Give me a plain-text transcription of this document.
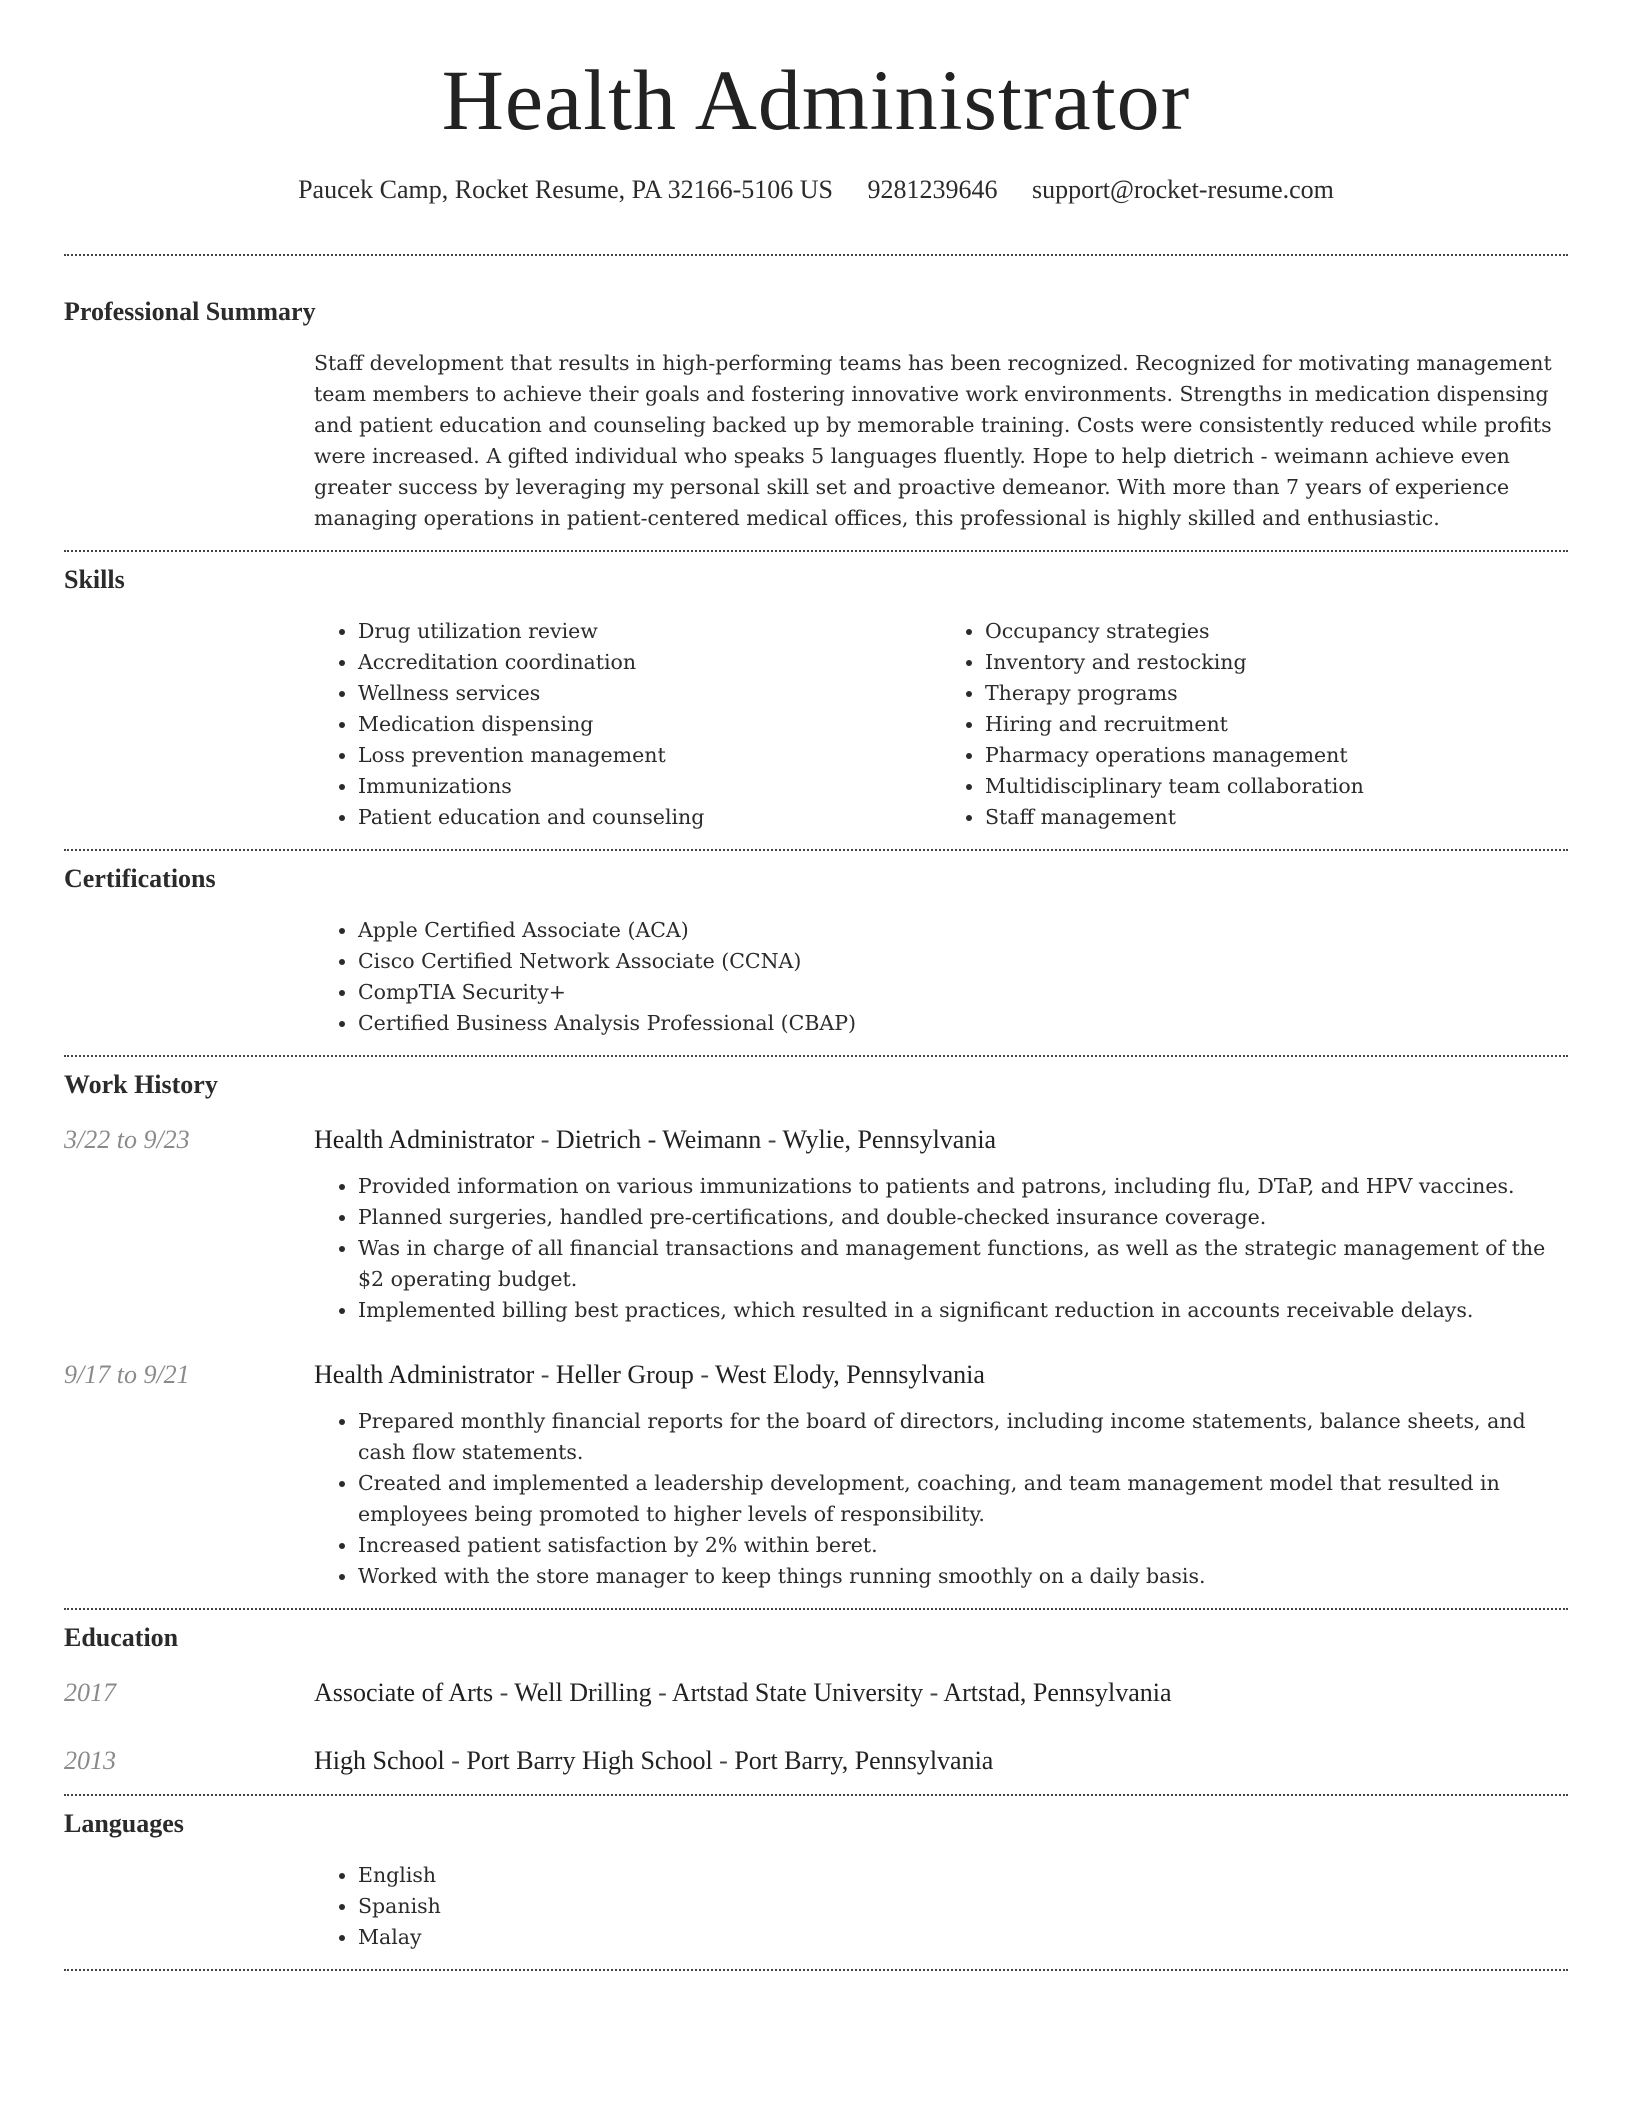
Health Administrator
Paucek Camp, Rocket Resume, PA 32166-5106 US 9281239646 support@rocket-resume.com
Professional Summary

Staff development that results in high-performing teams has been recognized. Recognized for motivating management team members to achieve their goals and fostering innovative work environments. Strengths in medication dispensing and patient education and counseling backed up by memorable training. Costs were consistently reduced while profits were increased. A gifted individual who speaks 5 languages fluently. Hope to help dietrich - weimann achieve even greater success by leveraging my personal skill set and proactive demeanor. With more than 7 years of experience managing operations in patient-centered medical offices, this professional is highly skilled and enthusiastic.

Skills
• Drug utilization review
• Accreditation coordination
• Wellness services
• Medication dispensing
• Loss prevention management
• Immunizations
• Patient education and counseling
• Occupancy strategies
• Inventory and restocking
• Therapy programs
• Hiring and recruitment
• Pharmacy operations management
• Multidisciplinary team collaboration
• Staff management
Certifications
• Apple Certified Associate (ACA)
• Cisco Certified Network Associate (CCNA)
• CompTIA Security+
• Certified Business Analysis Professional (CBAP)
Work History
3/22 to 9/23	Health Administrator - Dietrich - Weimann - Wylie, Pennsylvania
• Provided information on various immunizations to patients and patrons, including flu, DTaP, and HPV vaccines.
• Planned surgeries, handled pre-certifications, and double-checked insurance coverage.
• Was in charge of all financial transactions and management functions, as well as the strategic management of the $2 operating budget.
• Implemented billing best practices, which resulted in a significant reduction in accounts receivable delays.
9/17 to 9/21	Health Administrator - Heller Group - West Elody, Pennsylvania
• Prepared monthly financial reports for the board of directors, including income statements, balance sheets, and cash flow statements.
• Created and implemented a leadership development, coaching, and team management model that resulted in employees being promoted to higher levels of responsibility.
• Increased patient satisfaction by 2% within beret.
• Worked with the store manager to keep things running smoothly on a daily basis.
Education
2017	Associate of Arts - Well Drilling - Artstad State University - Artstad, Pennsylvania
2013	High School - Port Barry High School - Port Barry, Pennsylvania
Languages
• English
• Spanish
• Malay
